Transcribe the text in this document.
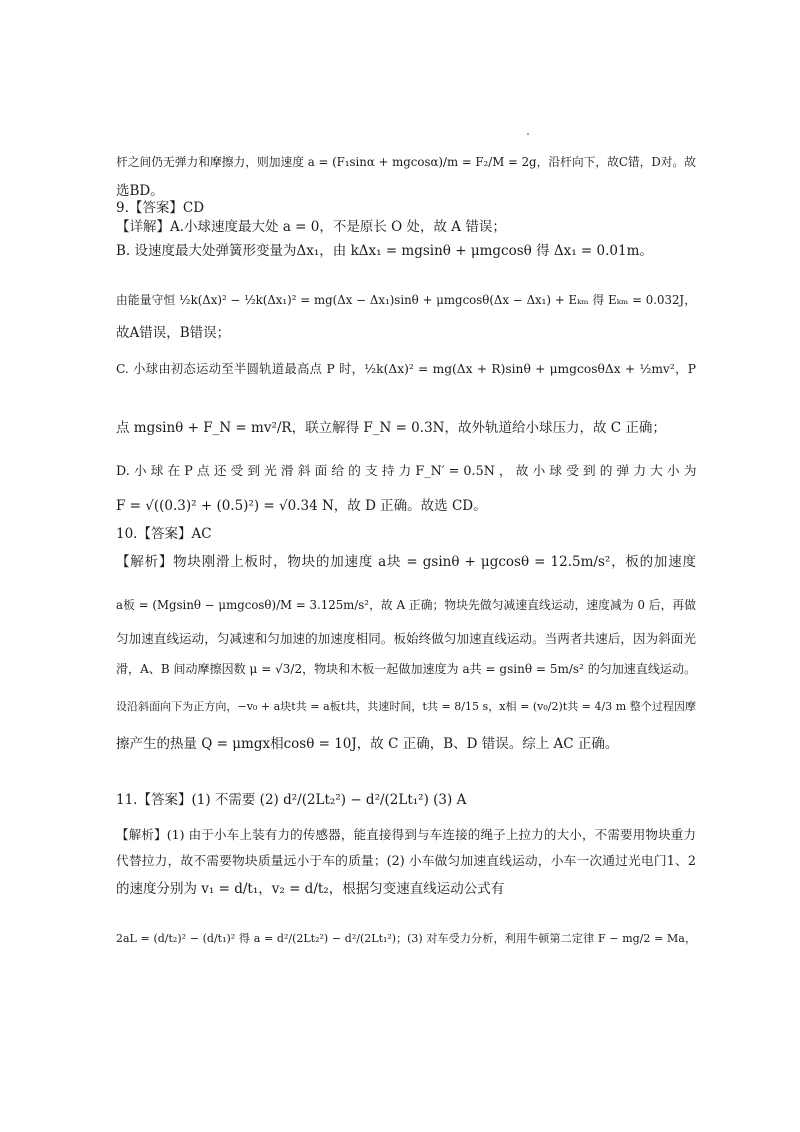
杆之间仍无弹力和摩擦力，则加速度 a = (F₁sinα + mgcosα)/m = F₂/M = 2g，沿杆向下，故C错，D对。故
选BD。
9.【答案】CD
【详解】A.小球速度最大处 a = 0，不是原长 O 处，故 A 错误；
B. 设速度最大处弹簧形变量为Δx₁，由 kΔx₁ = mgsinθ + μmgcosθ 得 Δx₁ = 0.01m。
由能量守恒 ½k(Δx)² − ½k(Δx₁)² = mg(Δx − Δx₁)sinθ + μmgcosθ(Δx − Δx₁) + Eₖₘ 得 Eₖₘ = 0.032J，
故A错误，B错误；
C. 小球由初态运动至半圆轨道最高点 P 时，½k(Δx)² = mg(Δx + R)sinθ + μmgcosθΔx + ½mv²，P
点 mgsinθ + F_N = mv²/R，联立解得 F_N = 0.3N，故外轨道给小球压力，故 C 正确；
D. 小 球 在 P 点 还 受 到 光 滑 斜 面 给 的 支 持 力 F_N′ = 0.5N ， 故 小 球 受 到 的 弹 力 大 小 为
F = √((0.3)² + (0.5)²) = √0.34 N，故 D 正确。故选 CD。
10.【答案】AC
【解析】物块刚滑上板时，物块的加速度 a块 = gsinθ + μgcosθ = 12.5m/s²，板的加速度
a板 = (Mgsinθ − μmgcosθ)/M = 3.125m/s²，故 A 正确；物块先做匀减速直线运动，速度减为 0 后，再做
匀加速直线运动，匀减速和匀加速的加速度相同。板始终做匀加速直线运动。当两者共速后，因为斜面光
滑，A、B 间动摩擦因数 μ = √3/2，物块和木板一起做加速度为 a共 = gsinθ = 5m/s² 的匀加速直线运动。
设沿斜面向下为正方向，−v₀ + a块t共 = a板t共，共速时间，t共 = 8/15 s，x相 = (v₀/2)t共 = 4/3 m 整个过程因摩
擦产生的热量 Q = μmgx相cosθ = 10J，故 C 正确，B、D 错误。综上 AC 正确。
11.【答案】(1) 不需要 (2) d²/(2Lt₂²) − d²/(2Lt₁²) (3) A
【解析】(1) 由于小车上装有力的传感器，能直接得到与车连接的绳子上拉力的大小，不需要用物块重力
代替拉力，故不需要物块质量远小于车的质量；(2) 小车做匀加速直线运动，小车一次通过光电门1、2
的速度分别为 v₁ = d/t₁，v₂ = d/t₂，根据匀变速直线运动公式有
2aL = (d/t₂)² − (d/t₁)² 得 a = d²/(2Lt₂²) − d²/(2Lt₁²)；(3) 对车受力分析，利用牛顿第二定律 F − mg/2 = Ma，
